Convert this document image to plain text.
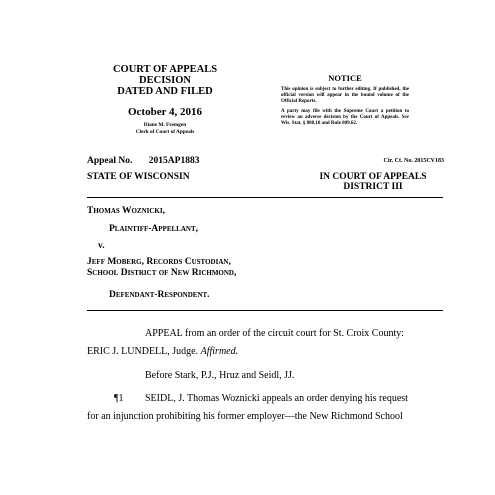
COURT OF APPEALS
DECISION
DATED AND FILED
October 4, 2016
Diane M. Fremgen
Clerk of Court of Appeals
NOTICE

This opinion is subject to further editing. If published, the official version will appear in the bound volume of the Official Reports.

A party may file with the Supreme Court a petition to review an adverse decision by the Court of Appeals. See Wis. Stat. § 808.10 and Rule 809.62.

Appeal No. 2015AP1883	Cir. Ct. No. 2015CV183
STATE OF WISCONSIN	IN COURT OF APPEALS
DISTRICT III
Thomas Woznicki,
Plaintiff-Appellant,
v.
Jeff Moberg, Records Custodian,
School District of New Richmond,
Defendant-Respondent.
APPEAL from an order of the circuit court for St. Croix County:
ERIC J. LUNDELL, Judge. Affirmed.
Before Stark, P.J., Hruz and Seidl, JJ.
¶1 SEIDL, J. Thomas Woznicki appeals an order denying his request
for an injunction prohibiting his former employer—the New Richmond School
